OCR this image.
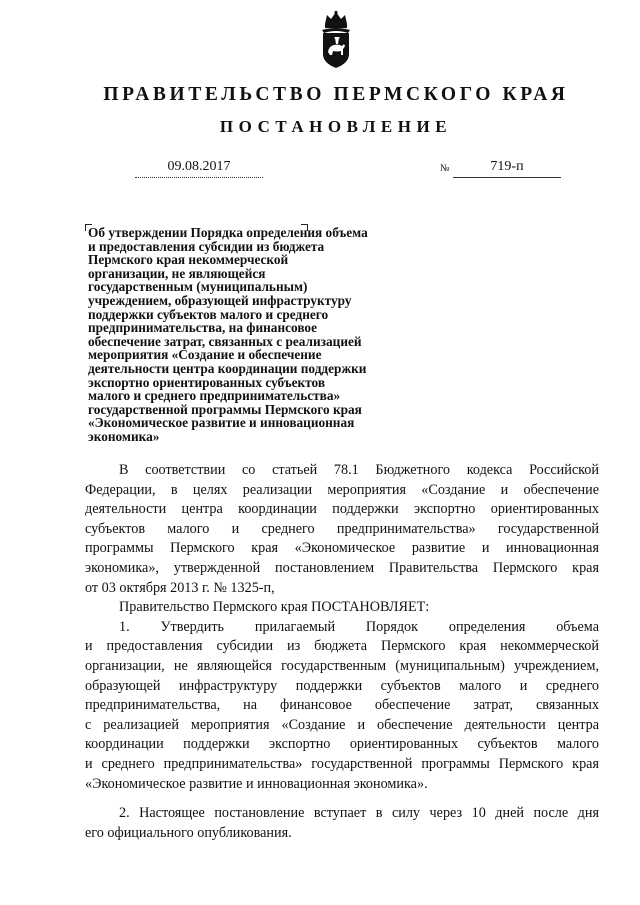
ПРАВИТЕЛЬСТВО ПЕРМСКОГО КРАЯ
ПОСТАНОВЛЕНИЕ
09.08.2017	№	719-п
Об утверждении Порядка определения объема
и предоставления субсидии из бюджета
Пермского края некоммерческой
организации, не являющейся
государственным (муниципальным)
учреждением, образующей инфраструктуру
поддержки субъектов малого и среднего
предпринимательства, на финансовое
обеспечение затрат, связанных с реализацией
мероприятия «Создание и обеспечение
деятельности центра координации поддержки
экспортно ориентированных субъектов
малого и среднего предпринимательства»
государственной программы Пермского края
«Экономическое развитие и инновационная
экономика»
В соответствии со статьей 78.1 Бюджетного кодекса Российской
Федерации, в целях реализации мероприятия «Создание и обеспечение
деятельности центра координации поддержки экспортно ориентированных
субъектов малого и среднего предпринимательства» государственной
программы Пермского края «Экономическое развитие и инновационная
экономика», утвержденной постановлением Правительства Пермского края
от 03 октября 2013 г. № 1325-п,
Правительство Пермского края ПОСТАНОВЛЯЕТ:
1. Утвердить прилагаемый Порядок определения объема
и предоставления субсидии из бюджета Пермского края некоммерческой
организации, не являющейся государственным (муниципальным) учреждением,
образующей инфраструктуру поддержки субъектов малого и среднего
предпринимательства, на финансовое обеспечение затрат, связанных
с реализацией мероприятия «Создание и обеспечение деятельности центра
координации поддержки экспортно ориентированных субъектов малого
и среднего предпринимательства» государственной программы Пермского края
«Экономическое развитие и инновационная экономика».
2. Настоящее постановление вступает в силу через 10 дней после дня
его официального опубликования.
